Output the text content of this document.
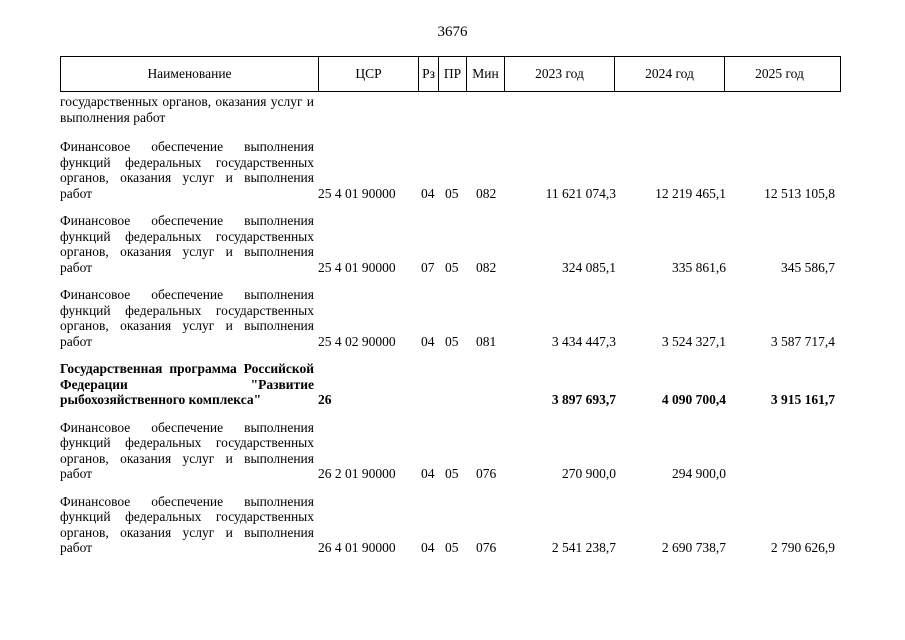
3676
Наименование	ЦСР	Рз ПР Мин	2023 год	2024 год	2025 год
государственных органов, оказания услуг и выполнения работ
Финансовое обеспечение выполнения функций федеральных государственных органов, оказания услуг и выполнения работ	25 4 01 90000	04 05	082	11 621 074,3	12 219 465,1	12 513 105,8
Финансовое обеспечение выполнения функций федеральных государственных органов, оказания услуг и выполнения работ	25 4 01 90000	07 05	082	324 085,1	335 861,6	345 586,7
Финансовое обеспечение выполнения функций федеральных государственных органов, оказания услуг и выполнения работ	25 4 02 90000	04 05	081	3 434 447,3	3 524 327,1	3 587 717,4
Государственная программа Российской Федерации "Развитие рыбохозяйственного комплекса"	26	3 897 693,7	4 090 700,4	3 915 161,7
Финансовое обеспечение выполнения функций федеральных государственных органов, оказания услуг и выполнения работ	26 2 01 90000	04 05	076	270 900,0	294 900,0
Финансовое обеспечение выполнения функций федеральных государственных органов, оказания услуг и выполнения работ	26 4 01 90000	04 05	076	2 541 238,7	2 690 738,7	2 790 626,9
